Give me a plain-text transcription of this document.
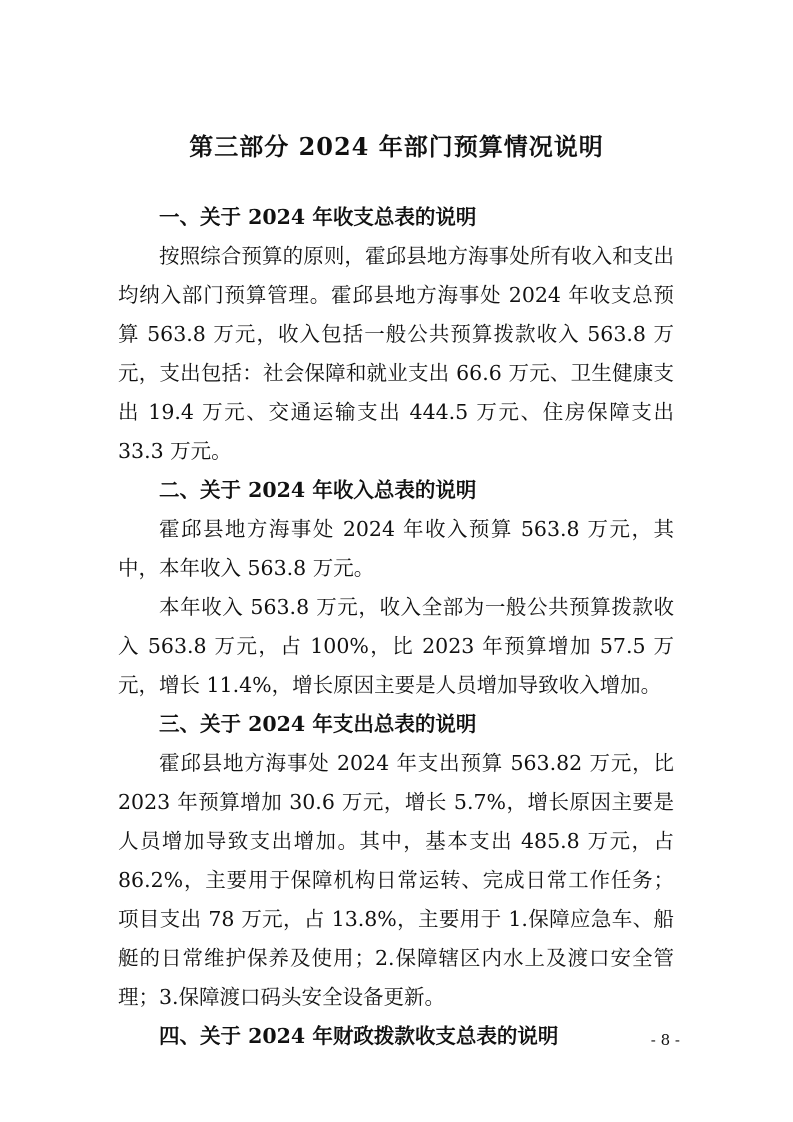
第三部分 2024 年部门预算情况说明

一、关于 2024 年收支总表的说明

按照综合预算的原则，霍邱县地方海事处所有收入和支出均纳入部门预算管理。霍邱县地方海事处 2024 年收支总预算 563.8 万元，收入包括一般公共预算拨款收入 563.8 万元，支出包括：社会保障和就业支出 66.6 万元、卫生健康支出 19.4 万元、交通运输支出 444.5 万元、住房保障支出 33.3 万元。

二、关于 2024 年收入总表的说明

霍邱县地方海事处 2024 年收入预算 563.8 万元，其中，本年收入 563.8 万元。

本年收入 563.8 万元，收入全部为一般公共预算拨款收入 563.8 万元，占 100%，比 2023 年预算增加 57.5 万元，增长 11.4%，增长原因主要是人员增加导致收入增加。

三、关于 2024 年支出总表的说明

霍邱县地方海事处 2024 年支出预算 563.82 万元，比 2023 年预算增加 30.6 万元，增长 5.7%，增长原因主要是人员增加导致支出增加。其中，基本支出 485.8 万元，占 86.2%，主要用于保障机构日常运转、完成日常工作任务；项目支出 78 万元，占 13.8%，主要用于 1.保障应急车、船艇的日常维护保养及使用；2.保障辖区内水上及渡口安全管理；3.保障渡口码头安全设备更新。

四、关于 2024 年财政拨款收支总表的说明	- 8 -
